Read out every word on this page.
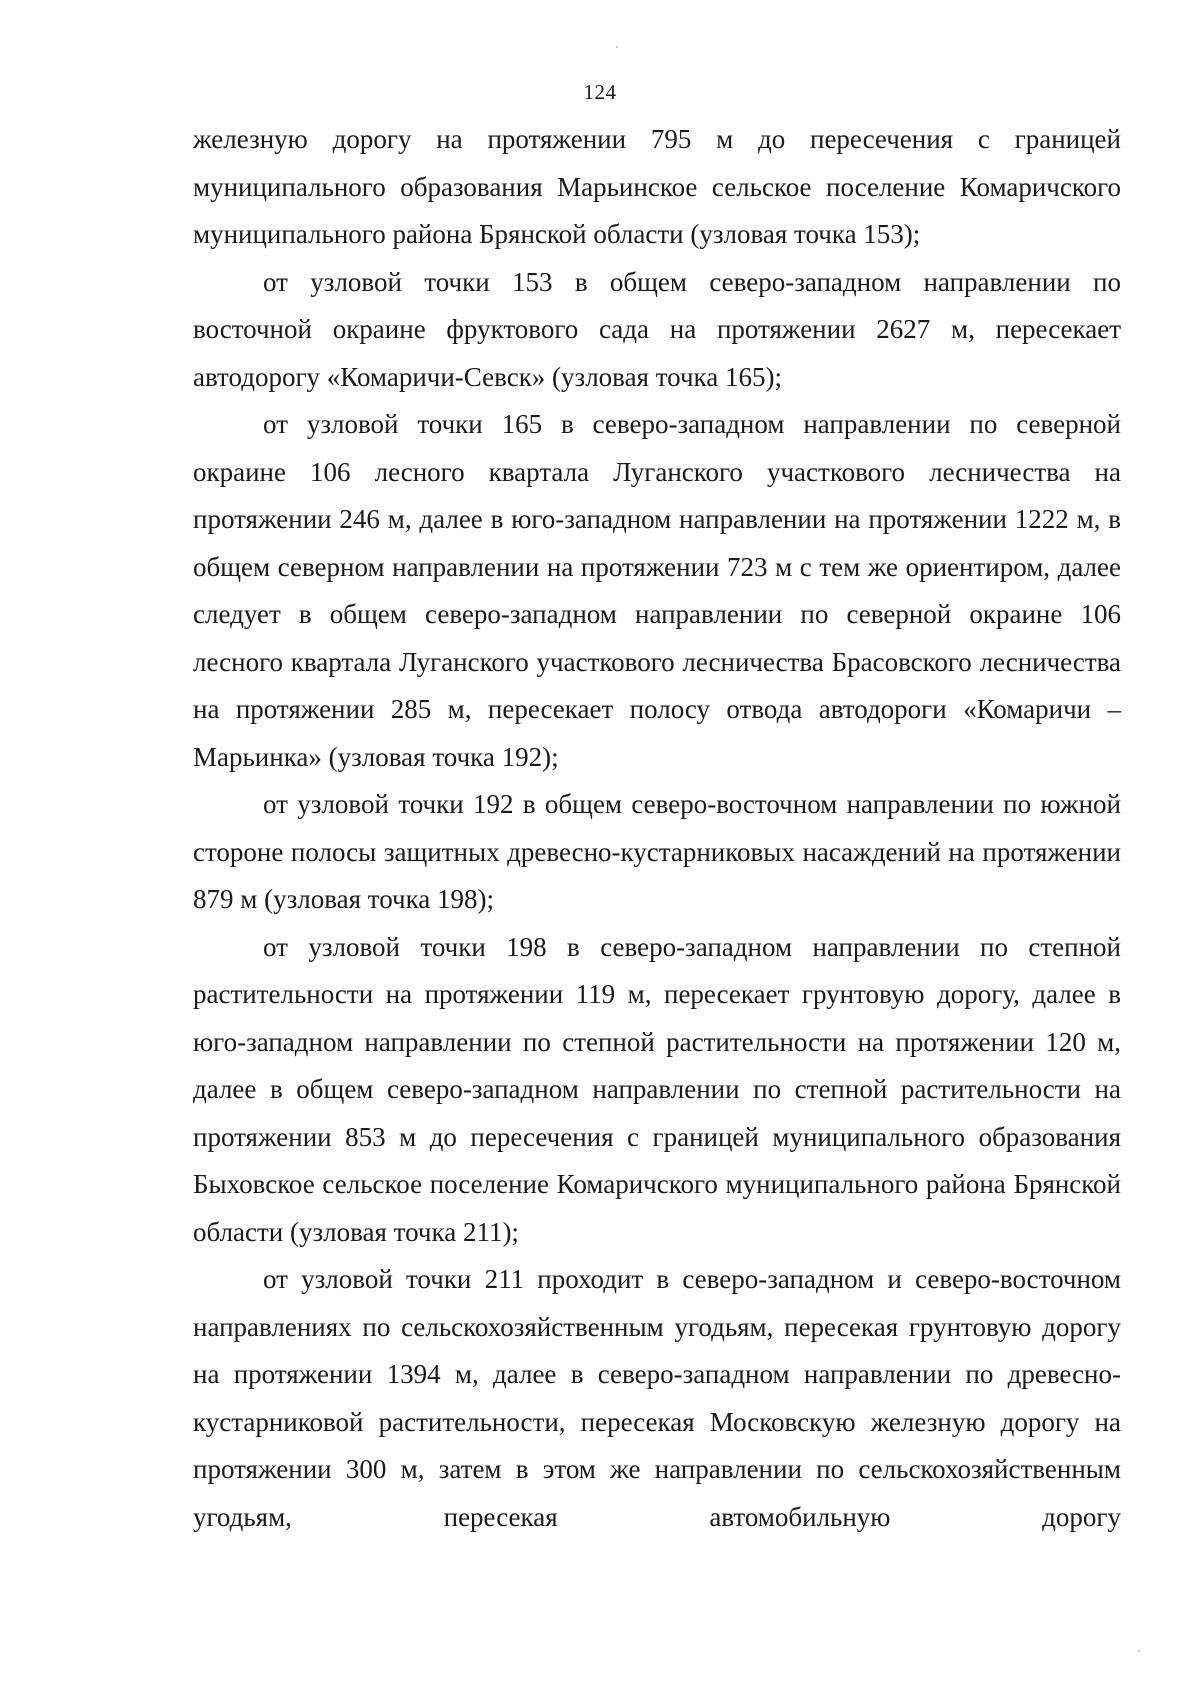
124

железную дорогу на протяжении 795 м до пересечения с границей муниципального образования Марьинское сельское поселение Комаричского муниципального района Брянской области (узловая точка 153);

от узловой точки 153 в общем северо-западном направлении по восточной окраине фруктового сада на протяжении 2627 м, пересекает автодорогу «Комаричи-Севск» (узловая точка 165);

от узловой точки 165 в северо-западном направлении по северной окраине 106 лесного квартала Луганского участкового лесничества на протяжении 246 м, далее в юго-западном направлении на протяжении 1222 м, в общем северном направлении на протяжении 723 м с тем же ориентиром, далее следует в общем северо-западном направлении по северной окраине 106 лесного квартала Луганского участкового лесничества Брасовского лесничества на протяжении 285 м, пересекает полосу отвода автодороги «Комаричи – Марьинка» (узловая точка 192);

от узловой точки 192 в общем северо-восточном направлении по южной стороне полосы защитных древесно-кустарниковых насаждений на протяжении 879 м (узловая точка 198);

от узловой точки 198 в северо-западном направлении по степной растительности на протяжении 119 м, пересекает грунтовую дорогу, далее в юго-западном направлении по степной растительности на протяжении 120 м, далее в общем северо-западном направлении по степной растительности на протяжении 853 м до пересечения с границей муниципального образования Быховское сельское поселение Комаричского муниципального района Брянской области (узловая точка 211);

от узловой точки 211 проходит в северо-западном и северо-восточном направлениях по сельскохозяйственным угодьям, пересекая грунтовую дорогу на протяжении 1394 м, далее в северо-западном направлении по древесно-кустарниковой растительности, пересекая Московскую железную дорогу на протяжении 300 м, затем в этом же направлении по сельскохозяйственным угодьям, пересекая автомобильную дорогу
